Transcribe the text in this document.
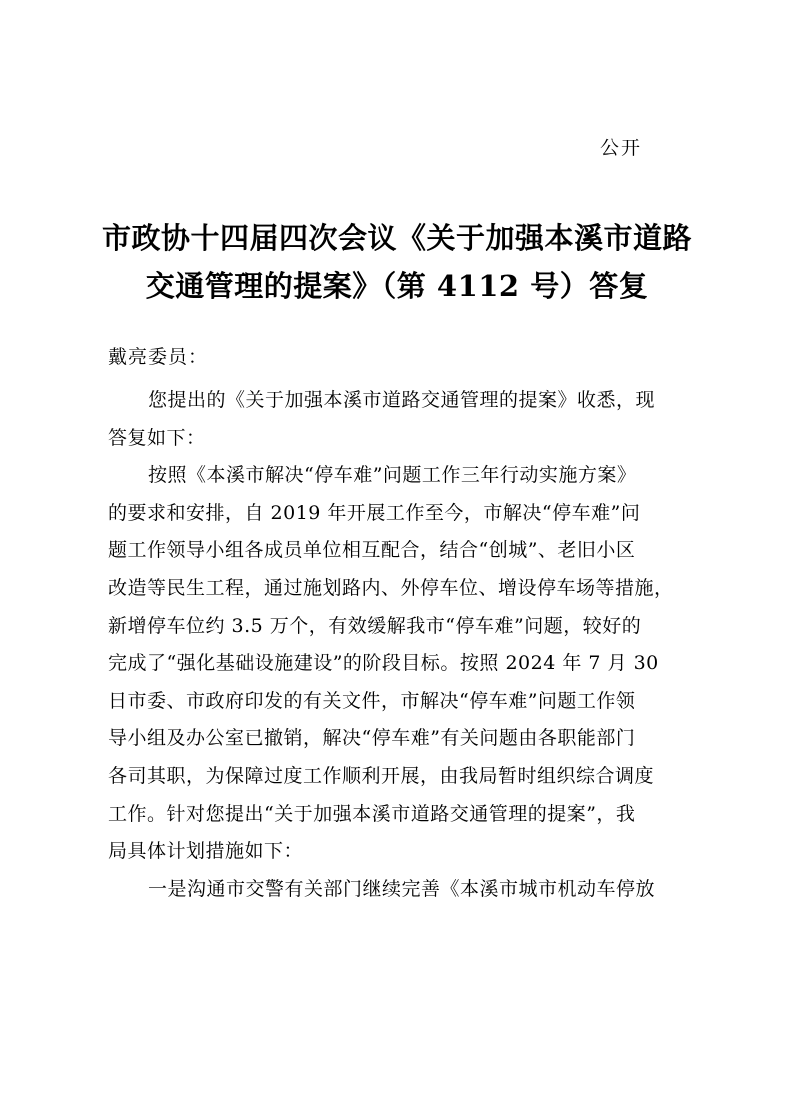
公开
市政协十四届四次会议《关于加强本溪市道路
交通管理的提案》（第 4112 号）答复
戴亮委员：
您提出的《关于加强本溪市道路交通管理的提案》收悉，现
答复如下：
按照《本溪市解决“停车难”问题工作三年行动实施方案》
的要求和安排，自 2019 年开展工作至今，市解决“停车难”问
题工作领导小组各成员单位相互配合，结合“创城”、老旧小区
改造等民生工程，通过施划路内、外停车位、增设停车场等措施，
新增停车位约 3.5 万个，有效缓解我市“停车难”问题，较好的
完成了“强化基础设施建设”的阶段目标。按照 2024 年 7 月 30
日市委、市政府印发的有关文件，市解决“停车难”问题工作领
导小组及办公室已撤销，解决“停车难”有关问题由各职能部门
各司其职，为保障过度工作顺利开展，由我局暂时组织综合调度
工作。针对您提出“关于加强本溪市道路交通管理的提案”，我
局具体计划措施如下：
一是沟通市交警有关部门继续完善《本溪市城市机动车停放
